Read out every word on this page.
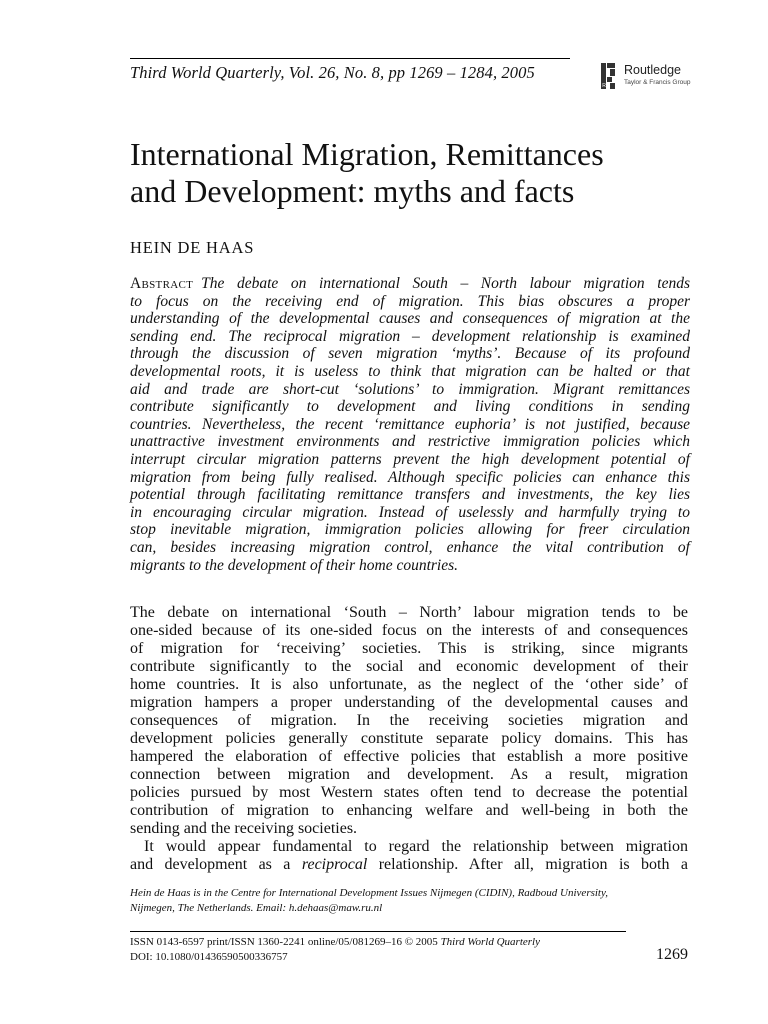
Third World Quarterly, Vol. 26, No. 8, pp 1269 – 1284, 2005
R
Routledge
Taylor & Francis Group
International Migration, Remittances
and Development: myths and facts
HEIN DE HAAS
Abstract The debate on international South – North labour migration tends
to focus on the receiving end of migration. This bias obscures a proper
understanding of the developmental causes and consequences of migration at the
sending end. The reciprocal migration – development relationship is examined
through the discussion of seven migration ‘myths’. Because of its profound
developmental roots, it is useless to think that migration can be halted or that
aid and trade are short-cut ‘solutions’ to immigration. Migrant remittances
contribute significantly to development and living conditions in sending
countries. Nevertheless, the recent ‘remittance euphoria’ is not justified, because
unattractive investment environments and restrictive immigration policies which
interrupt circular migration patterns prevent the high development potential of
migration from being fully realised. Although specific policies can enhance this
potential through facilitating remittance transfers and investments, the key lies
in encouraging circular migration. Instead of uselessly and harmfully trying to
stop inevitable migration, immigration policies allowing for freer circulation
can, besides increasing migration control, enhance the vital contribution of
migrants to the development of their home countries.
The debate on international ‘South – North’ labour migration tends to be
one-sided because of its one-sided focus on the interests of and consequences
of migration for ‘receiving’ societies. This is striking, since migrants
contribute significantly to the social and economic development of their
home countries. It is also unfortunate, as the neglect of the ‘other side’ of
migration hampers a proper understanding of the developmental causes and
consequences of migration. In the receiving societies migration and
development policies generally constitute separate policy domains. This has
hampered the elaboration of effective policies that establish a more positive
connection between migration and development. As a result, migration
policies pursued by most Western states often tend to decrease the potential
contribution of migration to enhancing welfare and well-being in both the
sending and the receiving societies.
It would appear fundamental to regard the relationship between migration
and development as a reciprocal relationship. After all, migration is both a
Hein de Haas is in the Centre for International Development Issues Nijmegen (CIDIN), Radboud University,
Nijmegen, The Netherlands. Email: h.dehaas@maw.ru.nl
ISSN 0143-6597 print/ISSN 1360-2241 online/05/081269–16 © 2005 Third World Quarterly
DOI: 10.1080/01436590500336757	1269
